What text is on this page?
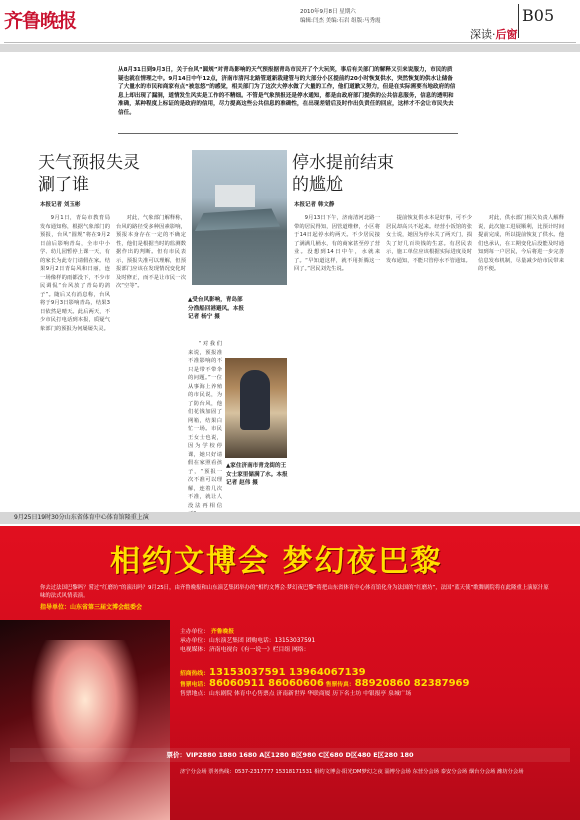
齐鲁晚报	2010年9月8日 星期六
编辑:闫杰 美编:石岩 组版:马秀霞	B05
深读·后窗
从8月31日到9月3日，关于台风“圆规”对青岛影响的天气预报据青岛市民开了个大玩笑，事后有关部门的解释又引来说服力，市民的质疑也就在情理之中。9月14日中午12点，济南市清河北路管道新栽建管与的大部分小区提前约20小时恢复供水，突然恢复的供水让储备了大量水的市民和商家有点“被忽悠”的感觉，相关部门为了这次大停水做了大量的工作，他们道歉又努力，但是在实际需要当地政府的信息上却出现了漏洞，道情发生风实是工作的不精细。不管是气象预报还是停水通知，都是由政府部门提供的公共信息服务，信息的透明和准确，某种程度上标证的是政府的信用，尽力提高这些公共信息的准确性，在出现差错后及时作出负责任的回应，这样才不会让市民失去信任。
天气预报失灵
涮了谁
本报记者 刘玉彬

9月1日，青岛市教育局发布通知称，根据气象部门的预报，台风“圆规”将在9月2日前后影响青岛，全市中小学、幼儿园暂停上课一天，有的家长为此专门请假在家。结果9月2日青岛风和日丽，连一场像样的雨都没下，不少市民调侃“台风放了青岛的鸽子”。随后又有消息称，台风将于9月3日影响青岛，结果3日依然是晴天。此后两天，不少市民打电话到本报，质疑气象部门的预报为何屡屡失灵。

对此，气象部门解释称，台风的路径受多种因素影响，预报本身存在一定的不确定性，他们是根据当时的监测数据作出的判断。但有市民表示，预报失准可以理解，但预报部门应该在发现情况变化时及时修正，而不是让市民一次次“空等”。

▲受台风影响，青岛部分渔船回港避风。本报记者 杨宁 摄

“对我们来说，预报准不准影响的不只是带不带伞的问题。”一位从事海上养殖的市民说，为了防台风，他们花钱加固了网箱，结果白忙一场。市民王女士也说，因为学校停课，她只好请假在家照看孩子，“预报一次不准可以理解，连着几次不准，就让人没法再相信

▲家住济南市青龙街的王女士家里储满了水。本报记者 赵伟 摄
停水提前结束
的尴尬
本报记者 韩文静

9月13日下午，济南清河北路一带的居民得知，因管道维修，小区将于14日起停水约两天。不少居民接了满满几桶水，有的商家甚至停了营业。没想到14日中午，水就来了。“早知道这样，就不用折腾这一回了。”居民刘先生说。

提前恢复供水本是好事，可不少居民却高兴不起来。经营小饭馆的张女士说，她因为停水关了两天门，损失了好几百块钱的生意。有居民表示，施工单位应该根据实际进度及时发布通知，不能只管停水不管通知。

对此，供水部门相关负责人解释说，此次施工进展顺利，比预计时间提前完成，所以提前恢复了供水。他们也承认，在工期变化后没能及时通知到每一户居民，今后将进一步完善信息发布机制，尽量减少给市民带来的不便。

9月25日19时30分山东省体育中心体育馆隆重上演
相约文博会 梦幻夜巴黎
你去过法国巴黎吗？嘗过“红磨坊”的演出吗？9月25日，由齐鲁晚报和山东演艺集团举办的“相约文博会·梦幻夜巴黎”将把山东省体育中心体育馆化身为法国的“红磨坊”，法国“蓝天使”歌舞剧院将在此隆重上演原汁原味的法式风情表演。
指导单位：山东省第三届文博会组委会
主办单位： 齐鲁晚报
承办单位：山东演艺集团 团购电话：13153037591
电视媒体：济南电视台《有一说一》栏目组 网络：
招商热线：13153037591 13964067139
售票电话：86060911 86060606 售票传真：88920860 82387969
售票地点：山东剧院 体育中心售票点 济南新世界 华联商厦 历下名士坊 中银报亭 泉城广场
票价：VIP2880 1880 1680 A区1280 B区980 C区680 D区480 E区280 180
济宁分会场 票务热线：0537-2317777 15318171531 相约文博会·阳光DM梦幻之夜 淄博分会场 东营分会场 泰安分会场 烟台分会场 潍坊分会场
